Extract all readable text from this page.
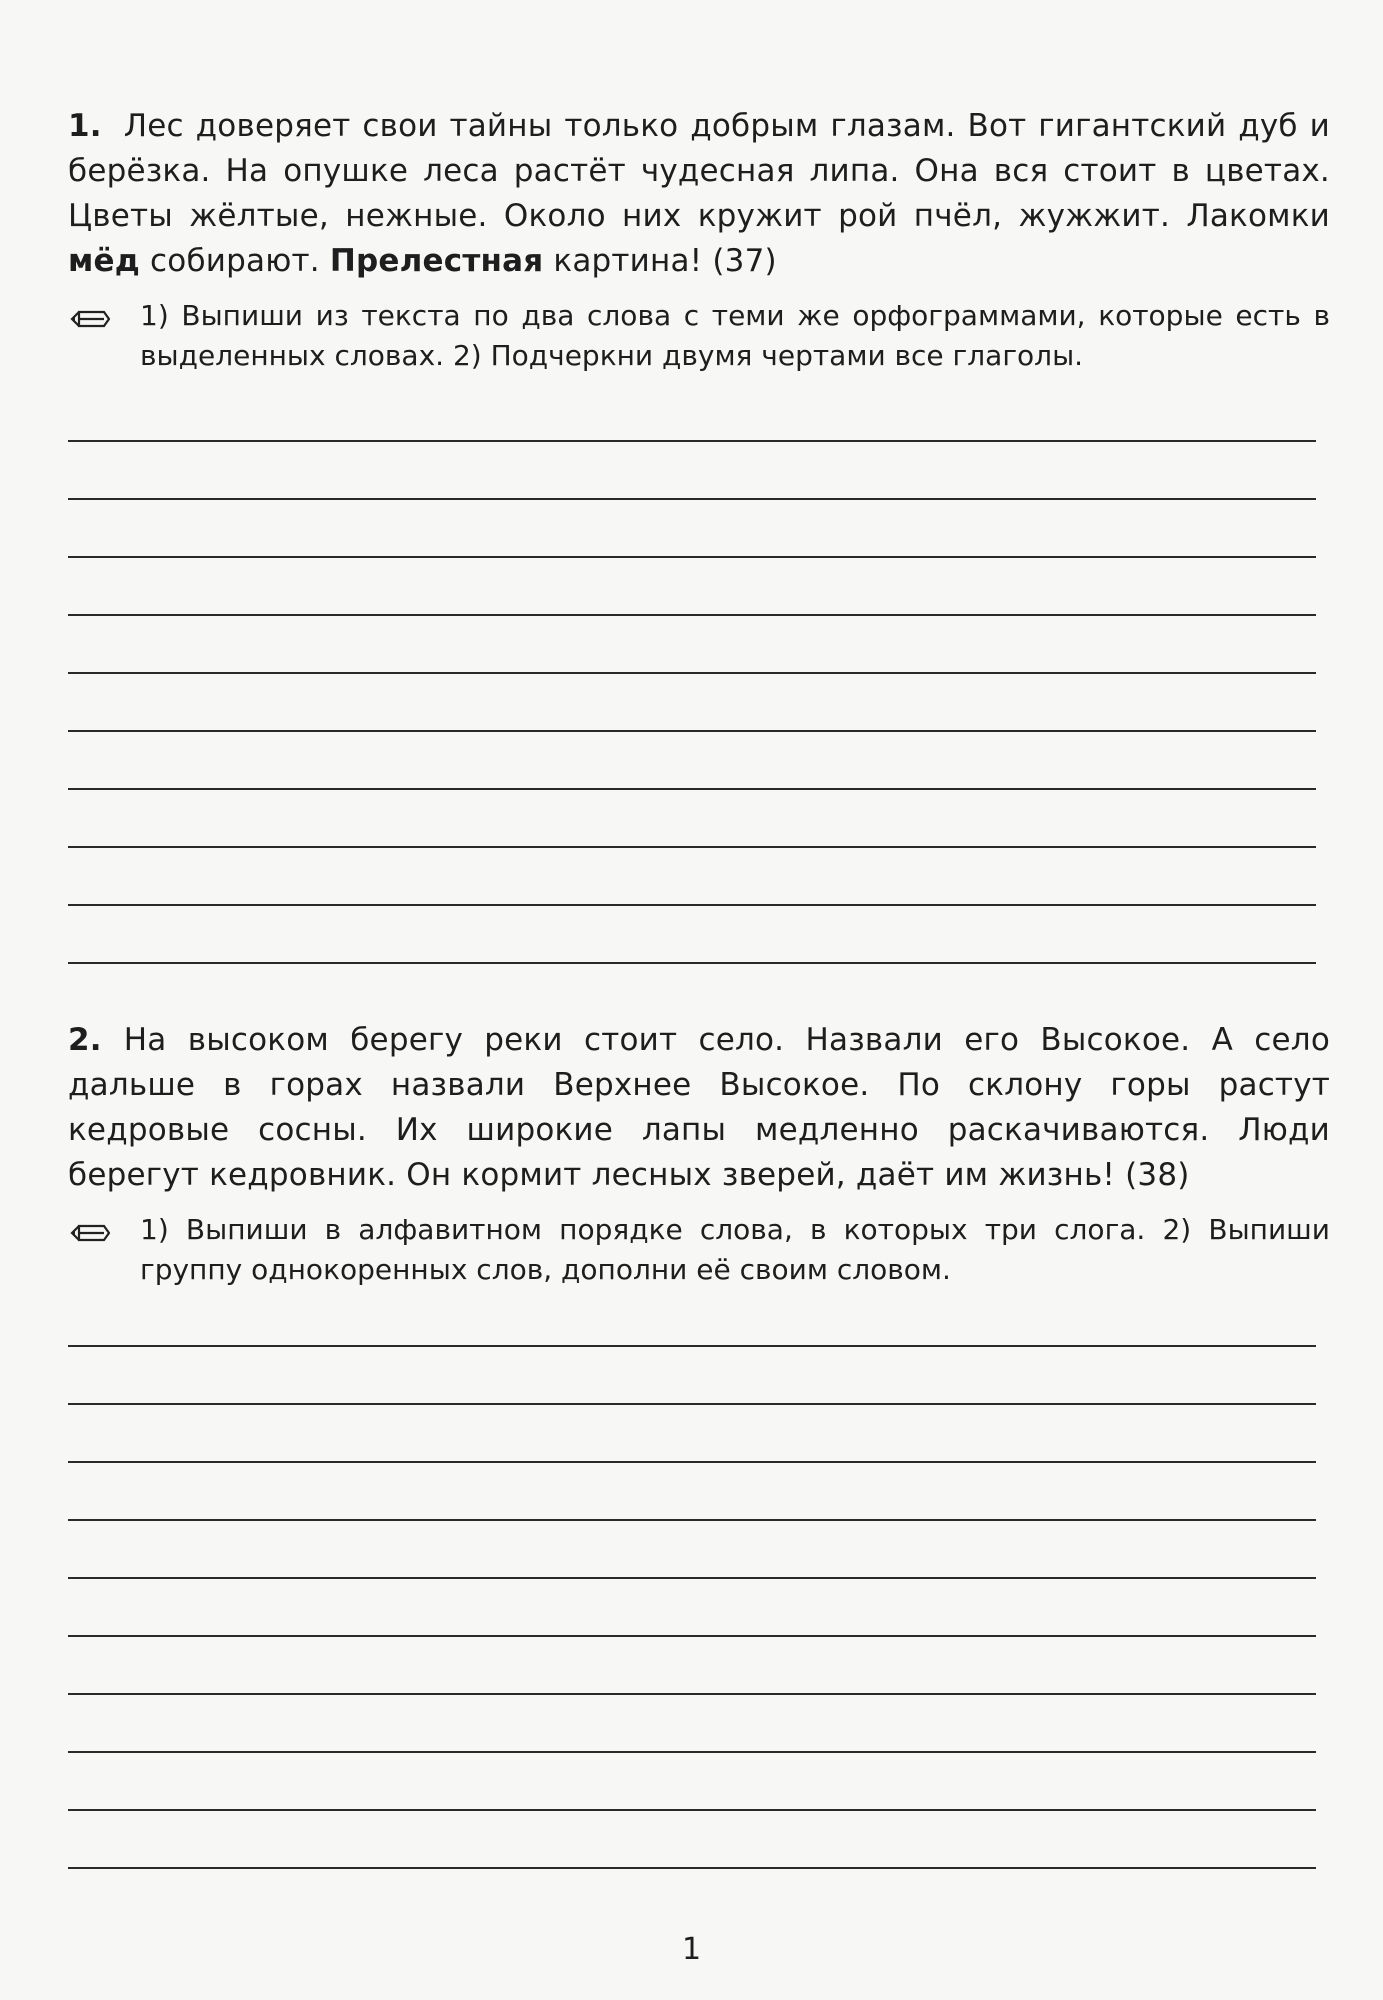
1. Лес доверяет свои тайны только добрым глазам. Вот гигантский дуб и берёзка. На опушке леса растёт чудесная липа. Она вся стоит в цветах. Цветы жёлтые, нежные. Около них кружит рой пчёл, жужжит. Лакомки мёд собирают. Прелестная картина! (37)
1) Выпиши из текста по два слова с теми же орфограммами, которые есть в выделенных словах. 2) Подчеркни двумя чертами все глаголы.
2. На высоком берегу реки стоит село. Назвали его Высокое. А село дальше в горах назвали Верхнее Высокое. По склону горы растут кедровые сосны. Их широкие лапы медленно раскачиваются. Люди берегут кедровник. Он кормит лесных зверей, даёт им жизнь! (38)
1) Выпиши в алфавитном порядке слова, в которых три слога. 2) Выпиши группу однокоренных слов, дополни её своим словом.
1
